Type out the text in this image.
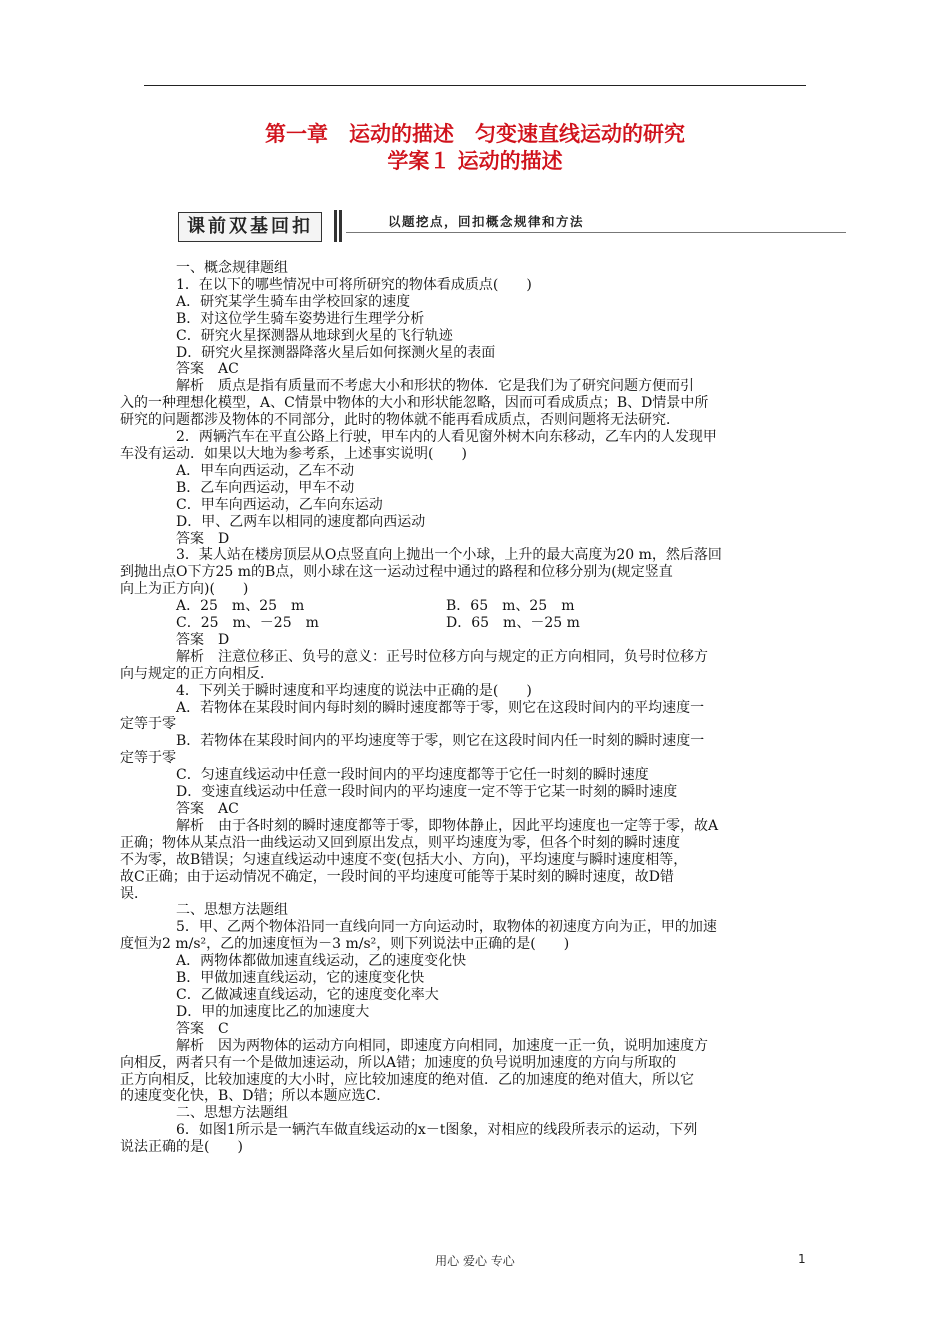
第一章　运动的描述　匀变速直线运动的研究
学案１ 运动的描述
课前双基回扣	以题挖点，回扣概念规律和方法

一、概念规律题组

1．在以下的哪些情况中可将所研究的物体看成质点(　　)

A．研究某学生骑车由学校回家的速度

B．对这位学生骑车姿势进行生理学分析

C．研究火星探测器从地球到火星的飞行轨迹

D．研究火星探测器降落火星后如何探测火星的表面

答案　AC

解析　质点是指有质量而不考虑大小和形状的物体．它是我们为了研究问题方便而引

入的一种理想化模型，A、C情景中物体的大小和形状能忽略，因而可看成质点；B、D情景中所

研究的问题都涉及物体的不同部分，此时的物体就不能再看成质点，否则问题将无法研究．

2．两辆汽车在平直公路上行驶，甲车内的人看见窗外树木向东移动，乙车内的人发现甲

车没有运动．如果以大地为参考系，上述事实说明(　　)

A．甲车向西运动，乙车不动

B．乙车向西运动，甲车不动

C．甲车向西运动，乙车向东运动

D．甲、乙两车以相同的速度都向西运动

答案　D

3．某人站在楼房顶层从O点竖直向上抛出一个小球，上升的最大高度为20 m，然后落回

到抛出点O下方25 m的B点，则小球在这一运动过程中通过的路程和位移分别为(规定竖直

向上为正方向)(　　)

A．25　m、25　m	B．65　m、25　m
C．25　m、－25　m	D．65　m、－25 m

答案　D

解析　注意位移正、负号的意义：正号时位移方向与规定的正方向相同，负号时位移方

向与规定的正方向相反．

4．下列关于瞬时速度和平均速度的说法中正确的是(　　)

A．若物体在某段时间内每时刻的瞬时速度都等于零，则它在这段时间内的平均速度一

定等于零

B．若物体在某段时间内的平均速度等于零，则它在这段时间内任一时刻的瞬时速度一

定等于零

C．匀速直线运动中任意一段时间内的平均速度都等于它任一时刻的瞬时速度

D．变速直线运动中任意一段时间内的平均速度一定不等于它某一时刻的瞬时速度

答案　AC

解析　由于各时刻的瞬时速度都等于零，即物体静止，因此平均速度也一定等于零，故A

正确；物体从某点沿一曲线运动又回到原出发点，则平均速度为零，但各个时刻的瞬时速度

不为零，故B错误；匀速直线运动中速度不变(包括大小、方向)，平均速度与瞬时速度相等，

故C正确；由于运动情况不确定，一段时间的平均速度可能等于某时刻的瞬时速度，故D错

误．

二、思想方法题组

5．甲、乙两个物体沿同一直线向同一方向运动时，取物体的初速度方向为正，甲的加速

度恒为2 m/s²，乙的加速度恒为－3 m/s²，则下列说法中正确的是(　　)

A．两物体都做加速直线运动，乙的速度变化快

B．甲做加速直线运动，它的速度变化快

C．乙做减速直线运动，它的速度变化率大

D．甲的加速度比乙的加速度大

答案　C

解析　因为两物体的运动方向相同，即速度方向相同，加速度一正一负，说明加速度方

向相反，两者只有一个是做加速运动，所以A错；加速度的负号说明加速度的方向与所取的

正方向相反，比较加速度的大小时，应比较加速度的绝对值．乙的加速度的绝对值大，所以它

的速度变化快，B、D错；所以本题应选C．

二、思想方法题组

6．如图1所示是一辆汽车做直线运动的x－t图象，对相应的线段所表示的运动，下列

说法正确的是(　　)

用心 爱心 专心	1
